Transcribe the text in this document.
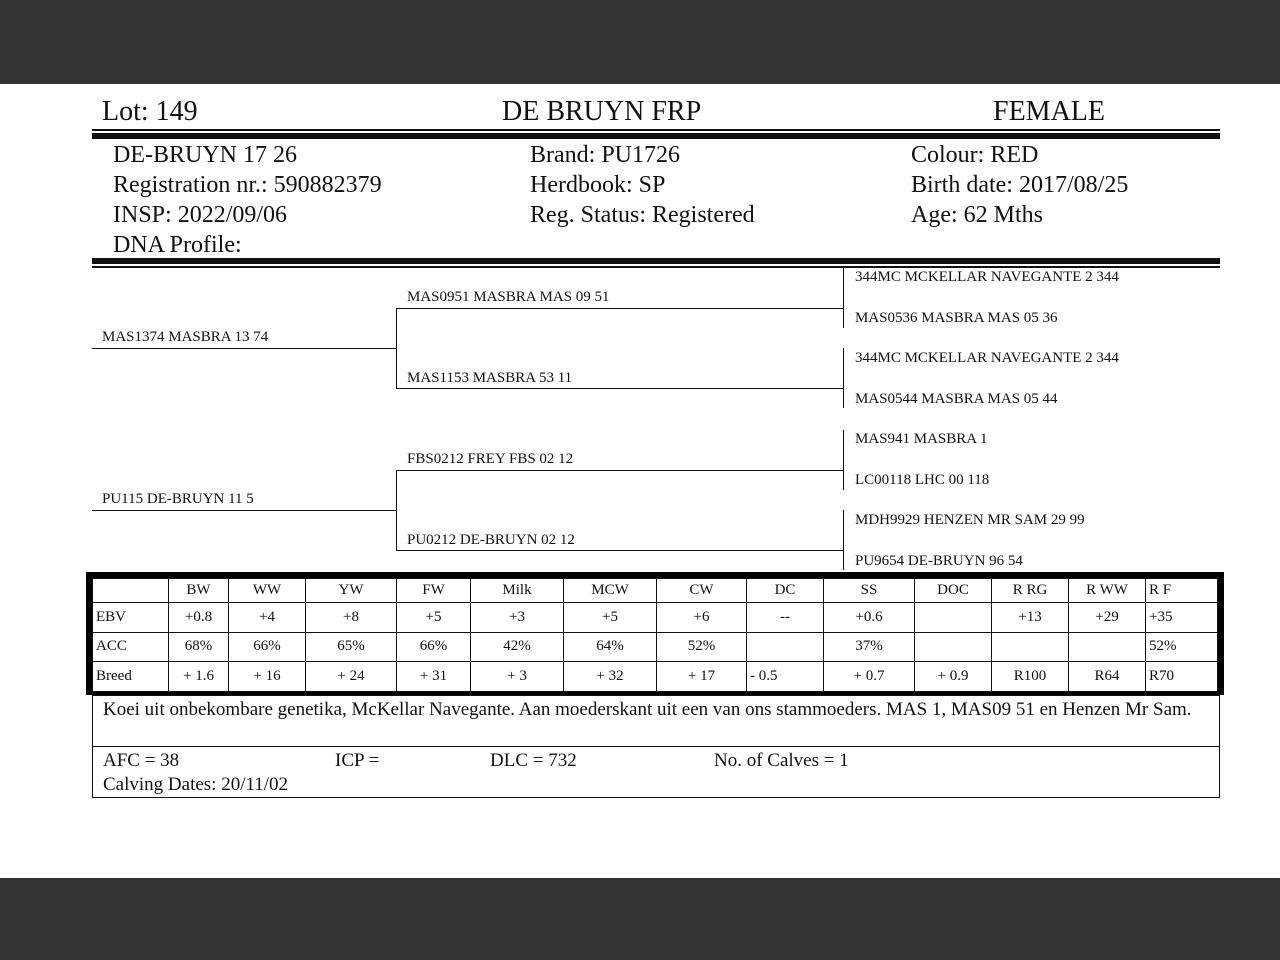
Lot: 149	DE BRUYN FRP	FEMALE
DE-BRUYN 17 26
Registration nr.: 590882379
INSP: 2022/09/06
DNA Profile:
Brand: PU1726
Herdbook: SP
Reg. Status: Registered
Colour: RED
Birth date: 2017/08/25
Age: 62 Mths
MAS1374 MASBRA 13 74
MAS0951 MASBRA MAS 09 51
MAS1153 MASBRA 53 11
344MC MCKELLAR NAVEGANTE 2 344
MAS0536 MASBRA MAS 05 36
344MC MCKELLAR NAVEGANTE 2 344
MAS0544 MASBRA MAS 05 44
PU115 DE-BRUYN 11 5
FBS0212 FREY FBS 02 12
PU0212 DE-BRUYN 02 12
MAS941 MASBRA 1
LC00118 LHC 00 118
MDH9929 HENZEN MR SAM 29 99
PU9654 DE-BRUYN 96 54
	BW	WW	YW	FW	Milk	MCW	CW	DC	SS	DOC	R RG	R WW	R F
EBV	+0.8	+4	+8	+5	+3	+5	+6	--	+0.6		+13	+29	+35
ACC	68%	66%	65%	66%	42%	64%	52%		37%				52%
Breed	+ 1.6	+ 16	+ 24	+ 31	+ 3	+ 32	+ 17	- 0.5	+ 0.7	+ 0.9	R100	R64	R70
Koei uit onbekombare genetika, McKellar Navegante. Aan moederskant uit een van ons stammoeders. MAS 1, MAS09 51 en Henzen Mr Sam.
AFC = 38	ICP =	DLC = 732	No. of Calves = 1
Calving Dates: 20/11/02
